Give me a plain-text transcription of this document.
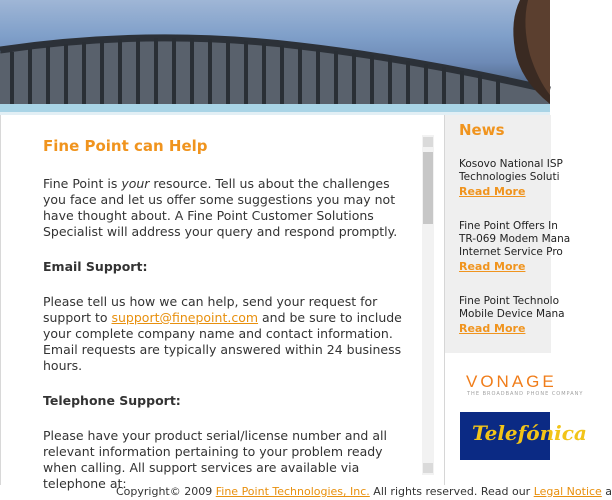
Fine Point can Help

Fine Point is your resource. Tell us about the challenges you face and let us offer some suggestions you may not have thought about. A Fine Point Customer Solutions Specialist will address your query and respond promptly.

Email Support:

Please tell us how we can help, send your request for support to support@finepoint.com and be sure to include your complete company name and contact information. Email requests are typically answered within 24 business hours.

Telephone Support:

Please have your product serial/license number and all relevant information pertaining to your problem ready when calling. All support services are available via telephone at:

News
Kosovo National ISP
Technologies Soluti
Read More
Fine Point Offers In
TR-069 Modem Mana
Internet Service Pro
Read More
Fine Point Technolo
Mobile Device Mana
Read More
VONAGE
THE BROADBAND PHONE COMPANY
Telefónica
Copyright© 2009 Fine Point Technologies, Inc. All rights reserved. Read our Legal Notice a
